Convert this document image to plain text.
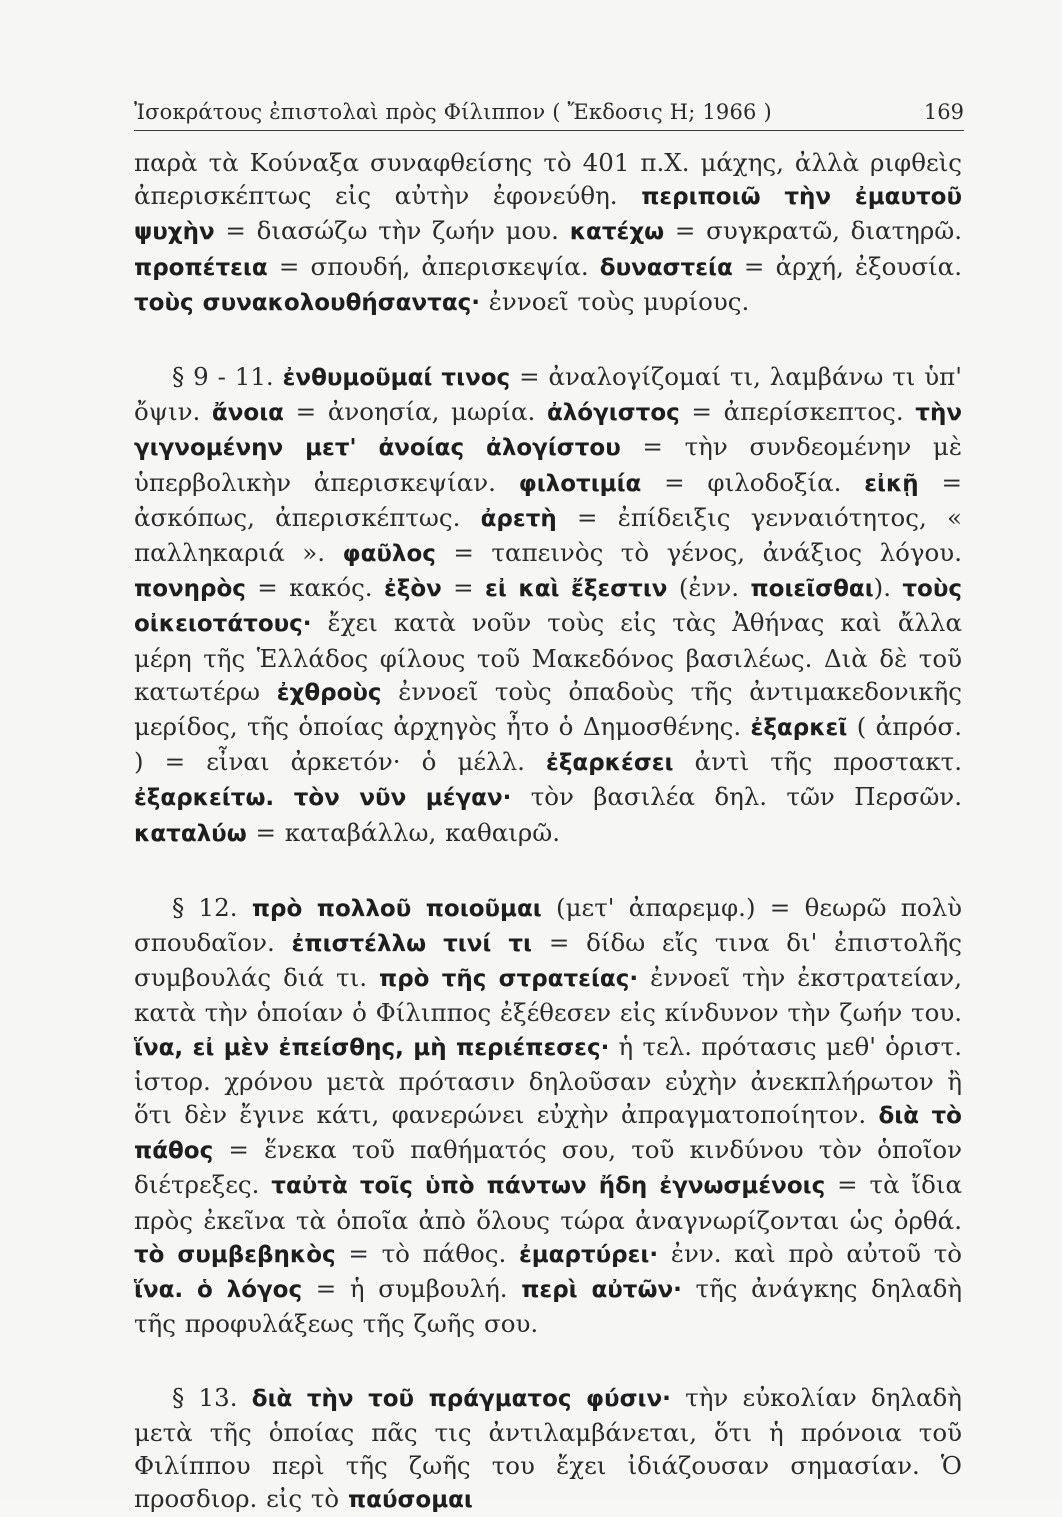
Ἰσοκράτους ἐπιστολαὶ πρὸς Φίλιππον ( Ἔκδοσις Η; 1966 )	169

παρὰ τὰ Κούναξα συναφθείσης τὸ 401 π.Χ. μάχης, ἀλλὰ ριφθεὶς ἀπερισκέπτως εἰς αὐτὴν ἐφονεύθη. περιποιῶ τὴν ἐμαυτοῦ ψυχὴν = διασώζω τὴν ζωήν μου. κατέχω = συγκρατῶ, διατηρῶ. προπέτεια = σπουδή, ἀπερισκεψία. δυναστεία = ἀρχή, ἐξουσία. τοὺς συνακολουθήσαντας· ἐννοεῖ τοὺς μυρίους.

§ 9 - 11. ἐνθυμοῦμαί τινος = ἀναλογίζομαί τι, λαμβάνω τι ὑπ' ὄψιν. ἄνοια = ἀνοησία, μωρία. ἀλόγιστος = ἀπερίσκεπτος. τὴν γιγνομένην μετ' ἀνοίας ἀλογίστου = τὴν συνδεομένην μὲ ὑπερβολικὴν ἀπερισκεψίαν. φιλοτιμία = φιλοδοξία. εἰκῇ = ἀσκόπως, ἀπερισκέπτως. ἀρετὴ = ἐπίδειξις γενναιότητος, « παλληκαριά ». φαῦλος = ταπεινὸς τὸ γένος, ἀνάξιος λόγου. πονηρὸς = κακός. ἐξὸν = εἰ καὶ ἔξεστιν (ἐνν. ποιεῖσθαι). τοὺς οἰκειοτάτους· ἔχει κατὰ νοῦν τοὺς εἰς τὰς Ἀθήνας καὶ ἄλλα μέρη τῆς Ἑλλάδος φίλους τοῦ Μακεδόνος βασιλέως. Διὰ δὲ τοῦ κατωτέρω ἐχθροὺς ἐννοεῖ τοὺς ὀπαδοὺς τῆς ἀντιμακεδονικῆς μερίδος, τῆς ὁποίας ἀρχηγὸς ἦτο ὁ Δημοσθένης. ἐξαρκεῖ ( ἀπρόσ. ) = εἶναι ἀρκετόν· ὁ μέλλ. ἐξαρκέσει ἀντὶ τῆς προστακτ. ἐξαρκείτω. τὸν νῦν μέγαν· τὸν βασιλέα δηλ. τῶν Περσῶν. καταλύω = καταβάλλω, καθαιρῶ.

§ 12. πρὸ πολλοῦ ποιοῦμαι (μετ' ἀπαρεμφ.) = θεωρῶ πολὺ σπουδαῖον. ἐπιστέλλω τινί τι = δίδω εἴς τινα δι' ἐπιστολῆς συμβουλάς διά τι. πρὸ τῆς στρατείας· ἐννοεῖ τὴν ἐκστρατείαν, κατὰ τὴν ὁποίαν ὁ Φίλιππος ἐξέθεσεν εἰς κίνδυνον τὴν ζωήν του. ἵνα, εἰ μὲν ἐπείσθης, μὴ περιέπεσες· ἡ τελ. πρότασις μεθ' ὁριστ. ἱστορ. χρόνου μετὰ πρότασιν δηλοῦσαν εὐχὴν ἀνεκπλήρωτον ἢ ὅτι δὲν ἔγινε κάτι, φανερώνει εὐχὴν ἀπραγματοποίητον. διὰ τὸ πάθος = ἕνεκα τοῦ παθήματός σου, τοῦ κινδύνου τὸν ὁποῖον διέτρεξες. ταὐτὰ τοῖς ὑπὸ πάντων ἤδη ἐγνωσμένοις = τὰ ἴδια πρὸς ἐκεῖνα τὰ ὁποῖα ἀπὸ ὅλους τώρα ἀναγνωρίζονται ὡς ὀρθά. τὸ συμβεβηκὸς = τὸ πάθος. ἐμαρτύρει· ἐνν. καὶ πρὸ αὐτοῦ τὸ ἵνα. ὁ λόγος = ἡ συμβουλή. περὶ αὐτῶν· τῆς ἀνάγκης δηλαδὴ τῆς προφυλάξεως τῆς ζωῆς σου.

§ 13. διὰ τὴν τοῦ πράγματος φύσιν· τὴν εὐκολίαν δηλαδὴ μετὰ τῆς ὁποίας πᾶς τις ἀντιλαμβάνεται, ὅτι ἡ πρόνοια τοῦ Φιλίππου περὶ τῆς ζωῆς του ἔχει ἰδιάζουσαν σημασίαν. Ὁ προσδιορ. εἰς τὸ παύσομαι
